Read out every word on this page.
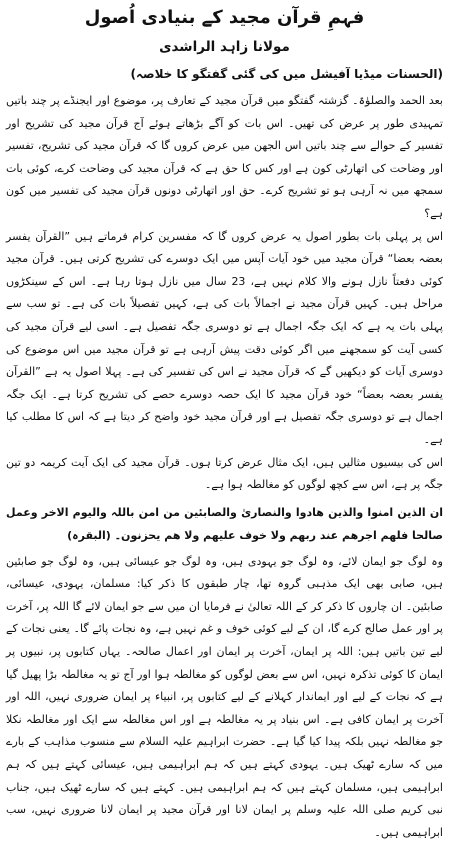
فہمِ قرآن مجید کے بنیادی اُصول
مولانا زاہد الراشدی
(الحسنات میڈیا آفیشل میں کی گئی گفتگو کا خلاصہ)

بعد الحمد والصلوٰۃ۔ گزشتہ گفتگو میں قرآن مجید کے تعارف پر، موضوع اور ایجنڈے پر چند باتیں تمہیدی طور پر عرض کی تھیں۔ اس بات کو آگے بڑھاتے ہوئے آج قرآن مجید کی تشریح اور تفسیر کے حوالے سے چند باتیں اس الجھن میں عرض کروں گا کہ قرآن مجید کی تشریح، تفسیر اور وضاحت کی اتھارٹی کون ہے اور کس کا حق ہے کہ قرآن مجید کی وضاحت کرے، کوئی بات سمجھ میں نہ آرہی ہو تو تشریح کرے۔ حق اور اتھارٹی دونوں قرآن مجید کی تفسیر میں کون ہے؟

اس پر پہلی بات بطور اصول یہ عرض کروں گا کہ مفسرین کرام فرماتے ہیں ”القرآن یفسر بعضہ بعضا“ قرآن مجید میں خود آیات آپس میں ایک دوسرے کی تشریح کرتی ہیں۔ قرآن مجید کوئی دفعتاً نازل ہونے والا کلام نہیں ہے، 23 سال میں نازل ہوتا رہا ہے۔ اس کے سینکڑوں مراحل ہیں۔ کہیں قرآن مجید نے اجمالاً بات کی ہے، کہیں تفصیلاً بات کی ہے۔ تو سب سے پہلی بات یہ ہے کہ ایک جگہ اجمال ہے تو دوسری جگہ تفصیل ہے۔ اسی لیے قرآن مجید کی کسی آیت کو سمجھنے میں اگر کوئی دقت پیش آرہی ہے تو قرآن مجید میں اس موضوع کی دوسری آیات کو دیکھیں گے کہ قرآن مجید نے اس کی تفسیر کی ہے۔ پہلا اصول یہ ہے ”القرآن یفسر بعضہ بعضاً“ خود قرآن مجید کا ایک حصہ دوسرے حصے کی تشریح کرتا ہے۔ ایک جگہ اجمال ہے تو دوسری جگہ تفصیل ہے اور قرآن مجید خود واضح کر دیتا ہے کہ اس کا مطلب کیا ہے۔

اس کی بیسیوں مثالیں ہیں، ایک مثال عرض کرتا ہوں۔ قرآن مجید کی ایک آیت کریمہ دو تین جگہ پر ہے، اس سے کچھ لوگوں کو مغالطہ ہوا ہے۔

ان الذین امنوا والذین ھادوا والنصاریٰ والصابئین من امن باللہ والیوم الاخر وعمل صالحا فلھم اجرھم عند ربھم ولا خوف علیھم ولا ھم یحزنون۔ (البقرہ)

وہ لوگ جو ایمان لائے، وہ لوگ جو یہودی ہیں، وہ لوگ جو عیسائی ہیں، وہ لوگ جو صابئین ہیں، صابی بھی ایک مذہبی گروہ تھا، چار طبقوں کا ذکر کیا: مسلمان، یہودی، عیسائی، صابئین۔ ان چاروں کا ذکر کر کے اللہ تعالیٰ نے فرمایا ان میں سے جو ایمان لائے گا اللہ پر، آخرت پر اور عمل صالح کرے گا، ان کے لیے کوئی خوف و غم نہیں ہے، وہ نجات پائے گا۔ یعنی نجات کے لیے تین باتیں ہیں: اللہ پر ایمان، آخرت پر ایمان اور اعمال صالحہ۔ یہاں کتابوں پر، نبیوں پر ایمان کا کوئی تذکرہ نہیں، اس سے بعض لوگوں کو مغالطہ ہوا اور آج تو یہ مغالطہ بڑا پھیل گیا ہے کہ نجات کے لیے اور ایماندار کہلانے کے لیے کتابوں پر، انبیاء پر ایمان ضروری نہیں، اللہ اور آخرت پر ایمان کافی ہے۔ اس بنیاد پر یہ مغالطہ ہے اور اس مغالطہ سے ایک اور مغالطہ نکلا جو مغالطہ نہیں بلکہ پیدا کیا گیا ہے۔ حضرت ابراہیم علیہ السلام سے منسوب مذاہب کے بارے میں کہ سارے ٹھیک ہیں۔ یہودی کہتے ہیں کہ ہم ابراہیمی ہیں، عیسائی کہتے ہیں کہ ہم ابراہیمی ہیں، مسلمان کہتے ہیں کہ ہم ابراہیمی ہیں۔ کہتے ہیں کہ سارے ٹھیک ہیں، جناب نبی کریم صلی اللہ علیہ وسلم پر ایمان لانا اور قرآن مجید پر ایمان لانا ضروری نہیں، سب ابراہیمی ہیں۔
